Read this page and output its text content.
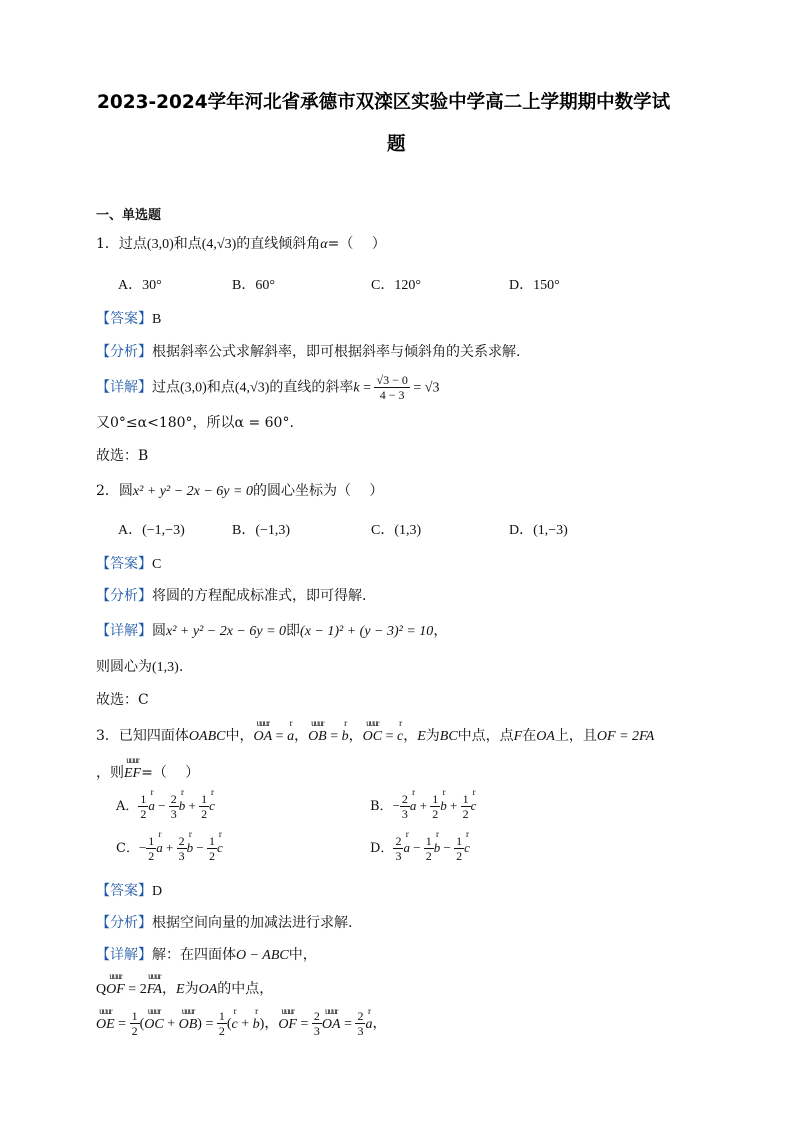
2023-2024学年河北省承德市双滦区实验中学高二上学期期中数学试
题
一、单选题
1．过点(3,0)和点(4,√3)的直线倾斜角α=（　 ）
A．30°	B．60°	C．120°	D．150°
【答案】B
【分析】根据斜率公式求解斜率，即可根据斜率与倾斜角的关系求解.
【详解】过点(3,0)和点(4,√3)的直线的斜率$k = \frac{√3 - 0}{4 - 3} = √3$
又0°≤α<180°，所以α = 60°.
故选：B
2．圆x² + y² − 2x − 6y = 0的圆心坐标为（　 ）
A．(−1,−3)	B．(−1,3)	C．(1,3)	D．(1,−3)
【答案】C
【分析】将圆的方程配成标准式，即可得解.
【详解】圆x² + y² − 2x − 6y = 0即(x − 1)² + (y − 3)² = 10，
则圆心为(1,3).
故选：C
3．已知四面体OABC中，
uuur
OA =
r
a，
uuur
OB =
r
b，
uuur
OC =
r
c，E为BC中点，点F在OA上，且OF = 2FA
，则
uuur
EF=（　 ）
A． $\frac{1}{2}$
r
$a - \frac{2}{3}$
r
$b + \frac{1}{2}$
r
c	B．− $\frac{2}{3}$
r
$a + \frac{1}{2}$
r
$b + \frac{1}{2}$
r
c
C．− $\frac{1}{2}$
r
$a + \frac{2}{3}$
r
$b - \frac{1}{2}$
r
c	D． $\frac{2}{3}$
r
$a - \frac{1}{2}$
r
$b - \frac{1}{2}$
r
c
【答案】D
【分析】根据空间向量的加减法进行求解.
【详解】解：在四面体O − ABC中，
Q
uuur
OF = 2
uuur
FA，E为OA的中点，
uuur
OE = $\frac{1}{2}$ (
uuur
OC +
uuur
$OB) = \frac{1}{2}$ (
r
c +
r
b)，
uuur
OF = $\frac{2}{3}$ uuur
OA = $\frac{2}{3}$ r
a，
